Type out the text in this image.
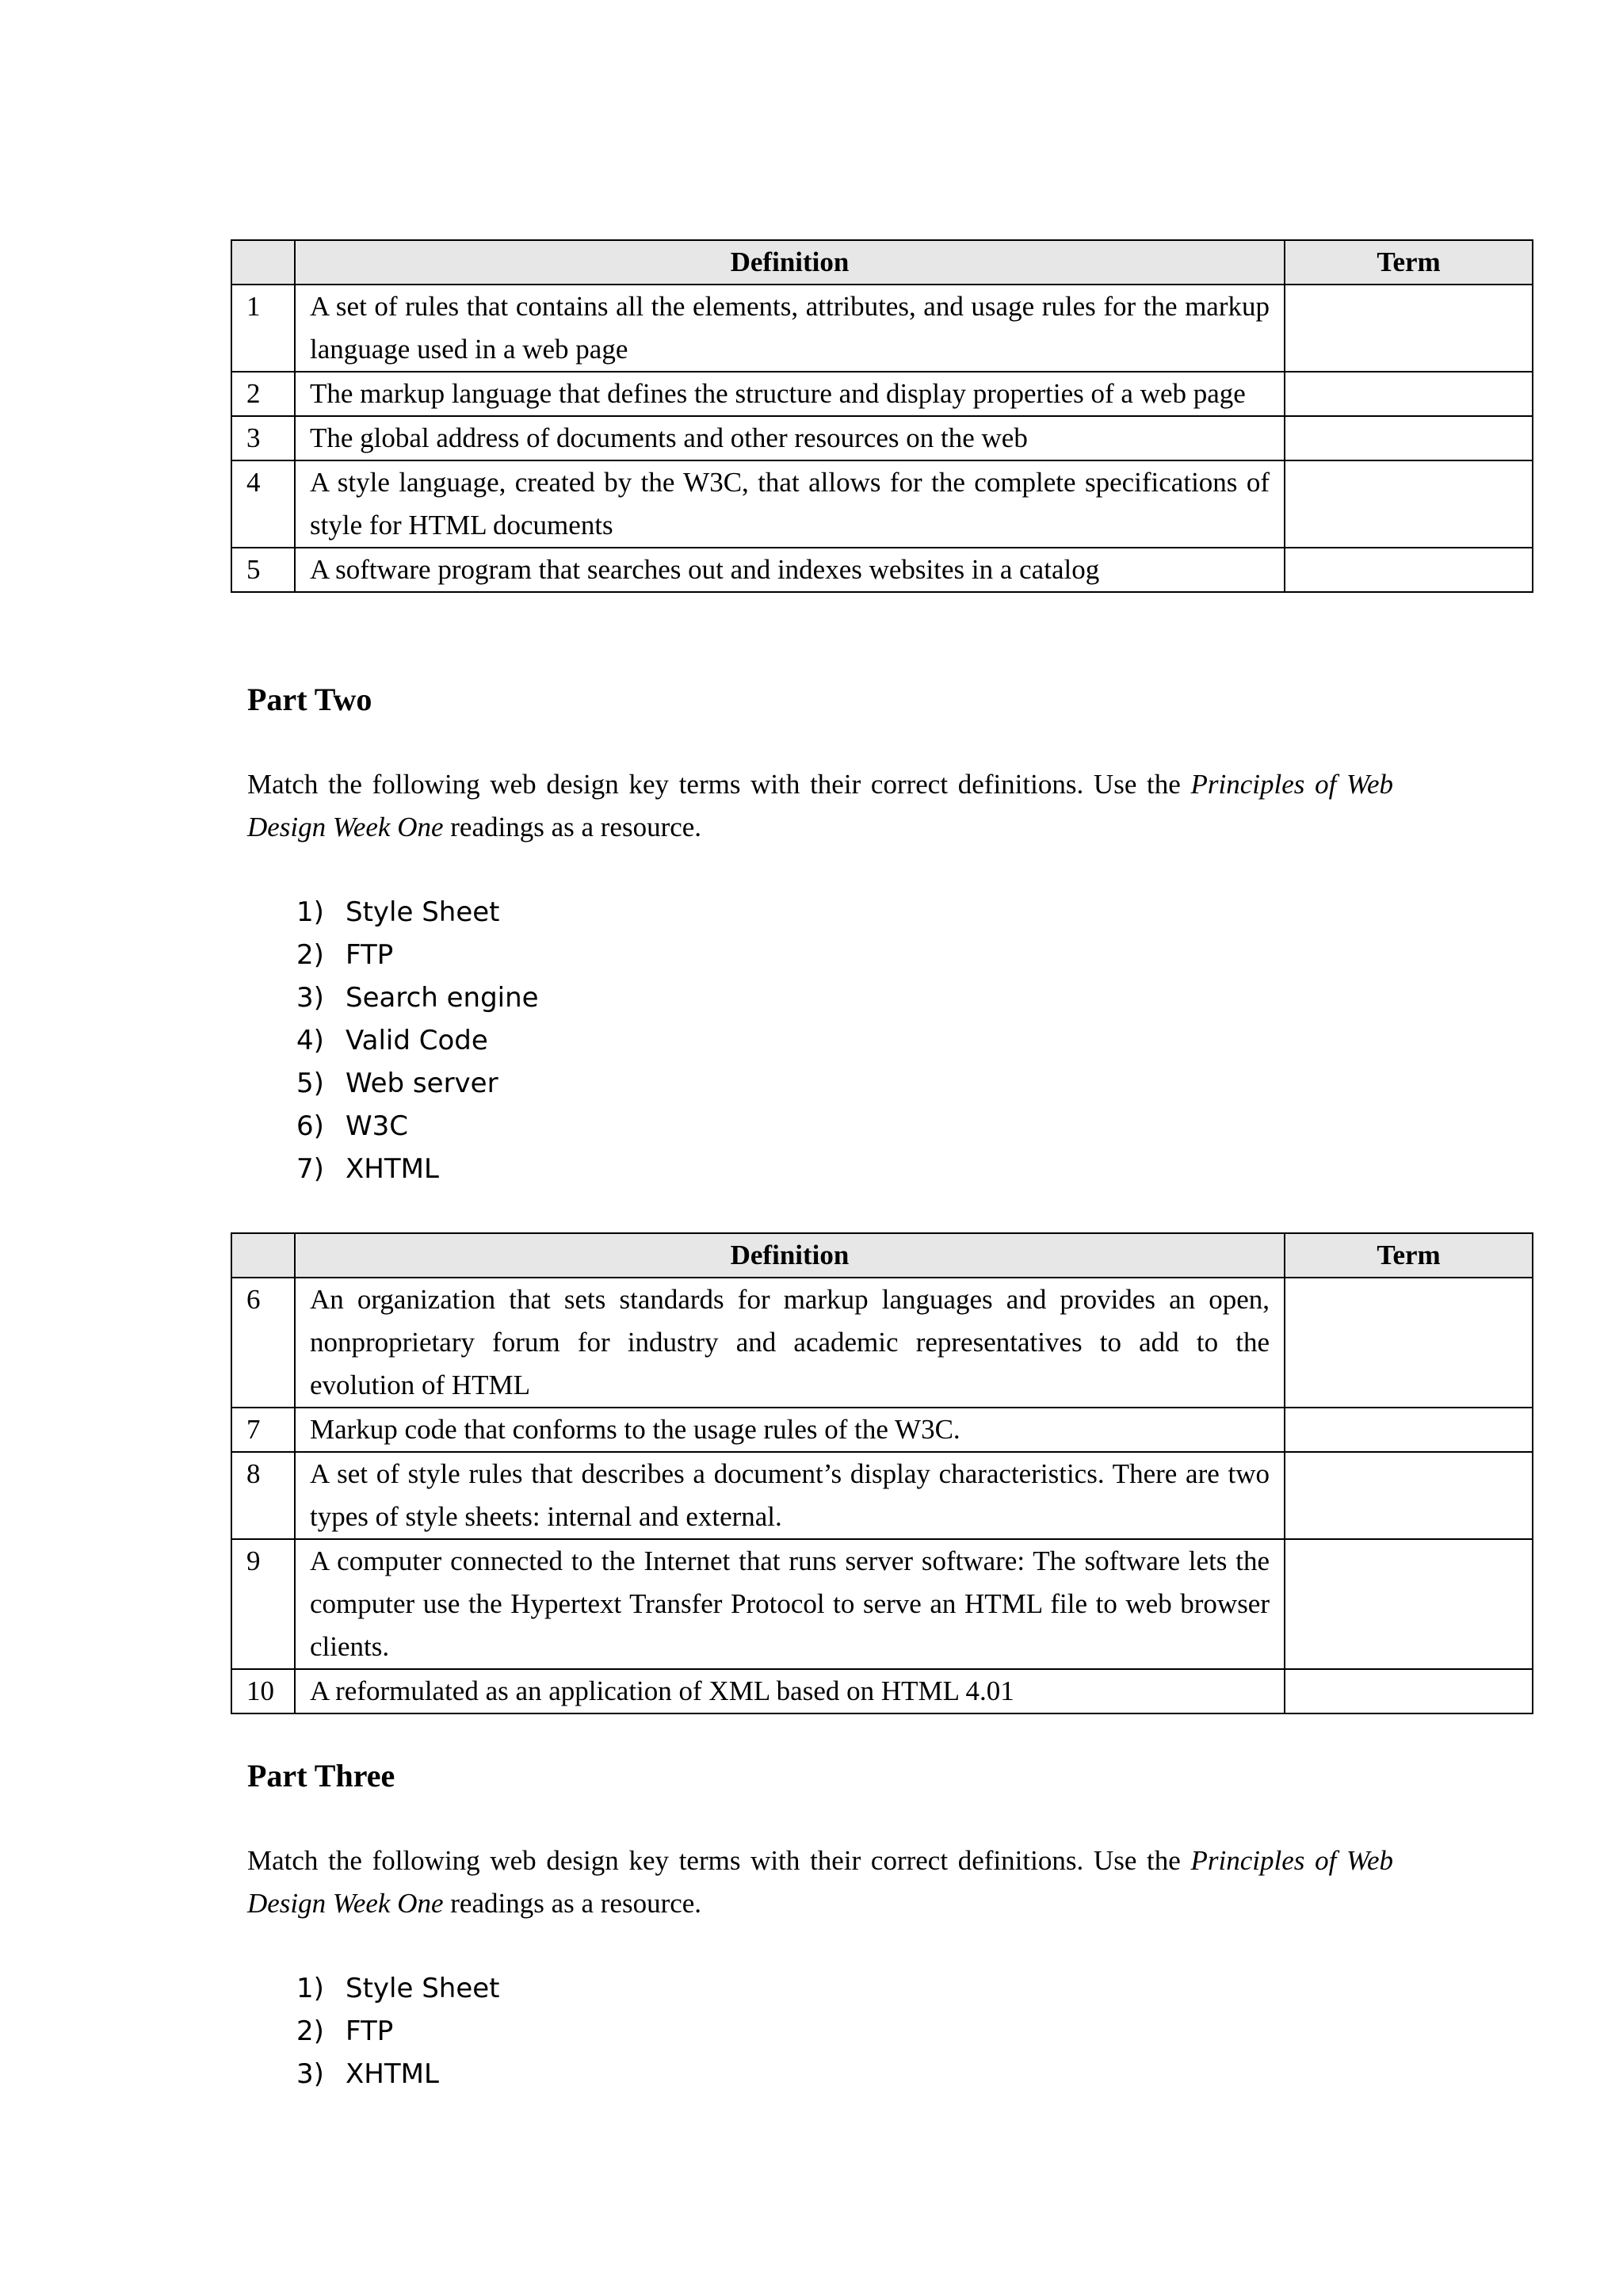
	Definition	Term
1	A set of rules that contains all the elements, attributes, and usage rules for the markup language used in a web page	
2	The markup language that defines the structure and display properties of a web page	
3	The global address of documents and other resources on the web	
4	A style language, created by the W3C, that allows for the complete specifications of style for HTML documents	
5	A software program that searches out and indexes websites in a catalog	
Part Two

Match the following web design key terms with their correct definitions. Use the Principles of Web Design Week One readings as a resource.

1) Style Sheet
2) FTP
3) Search engine
4) Valid Code
5) Web server
6) W3C
7) XHTML
	Definition	Term
6	An organization that sets standards for markup languages and provides an open, nonproprietary forum for industry and academic representatives to add to the evolution of HTML	
7	Markup code that conforms to the usage rules of the W3C.	
8	A set of style rules that describes a document’s display characteristics. There are two types of style sheets: internal and external.	
9	A computer connected to the Internet that runs server software: The software lets the computer use the Hypertext Transfer Protocol to serve an HTML file to web browser clients.	
10	A reformulated as an application of XML based on HTML 4.01	
Part Three

Match the following web design key terms with their correct definitions. Use the Principles of Web Design Week One readings as a resource.

1) Style Sheet
2) FTP
3) XHTML
